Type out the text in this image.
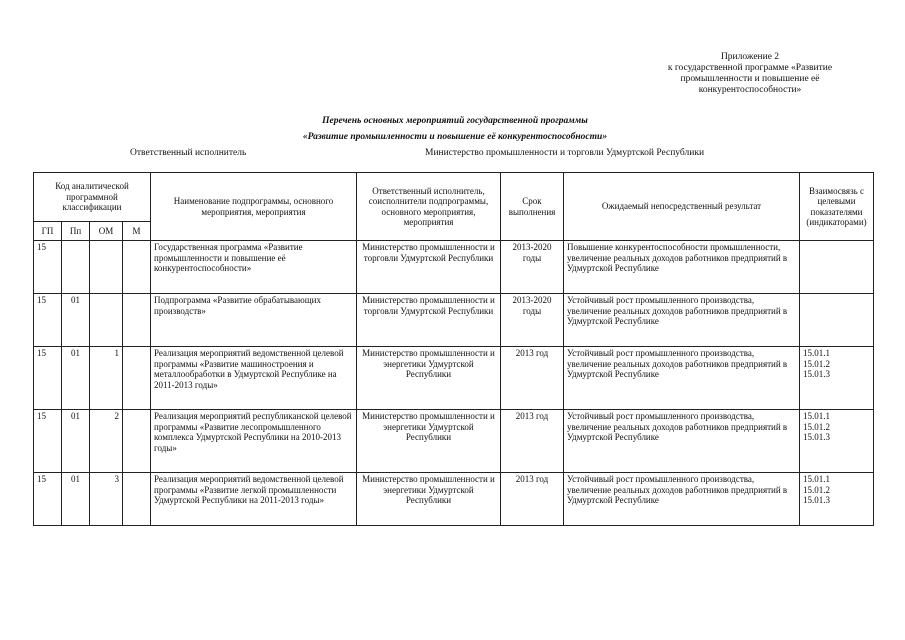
Приложение 2
к государственной программе «Развитие
промышленности и повышение её
конкурентоспособности»
Перечень основных мероприятий государственной программы
«Развитие промышленности и повышение её конкурентоспособности»
Ответственный исполнитель	Министерство промышленности и торговли Удмуртской Республики
Код аналитической программной классификации				Наименование подпрограммы, основного мероприятия, мероприятия	Ответственный исполнитель, соисполнители подпрограммы, основного мероприятия, мероприятия	Срок выполнения	Ожидаемый непосредственный результат	Взаимосвязь с целевыми показателями (индикаторами)
ГП	Пп	ОМ	М					
15				Государственная программа «Развитие промышленности и повышение её конкурентоспособности»	Министерство промышленности и торговли Удмуртской Республики	2013-2020 годы	Повышение конкурентоспособности промышленности, увеличение реальных доходов работников предприятий в Удмуртской Республике	

15	01			Подпрограмма «Развитие обрабатывающих производств»	Министерство промышленности и торговли Удмуртской Республики	2013-2020 годы	Устойчивый рост промышленного производства, увеличение реальных доходов работников предприятий в Удмуртской Республике	

15	01	1		Реализация мероприятий ведомственной целевой программы «Развитие машиностроения и металлообработки в Удмуртской Республике на 2011-2013 годы»	Министерство промышленности и энергетики Удмуртской Республики	2013 год	Устойчивый рост промышленного производства, увеличение реальных доходов работников предприятий в Удмуртской Республике	15.01.1
15.01.2
15.01.3

15	01	2		Реализация мероприятий республиканской целевой программы «Развитие лесопромышленного комплекса Удмуртской Республики на 2010-2013 годы»	Министерство промышленности и энергетики Удмуртской Республики	2013 год	Устойчивый рост промышленного производства, увеличение реальных доходов работников предприятий в Удмуртской Республике	15.01.1
15.01.2
15.01.3

15	01	3		Реализация мероприятий ведомственной целевой программы «Развитие легкой промышленности Удмуртской Республики на 2011-2013 годы»	Министерство промышленности и энергетики Удмуртской Республики	2013 год	Устойчивый рост промышленного производства, увеличение реальных доходов работников предприятий в Удмуртской Республике	15.01.1
15.01.2
15.01.3
